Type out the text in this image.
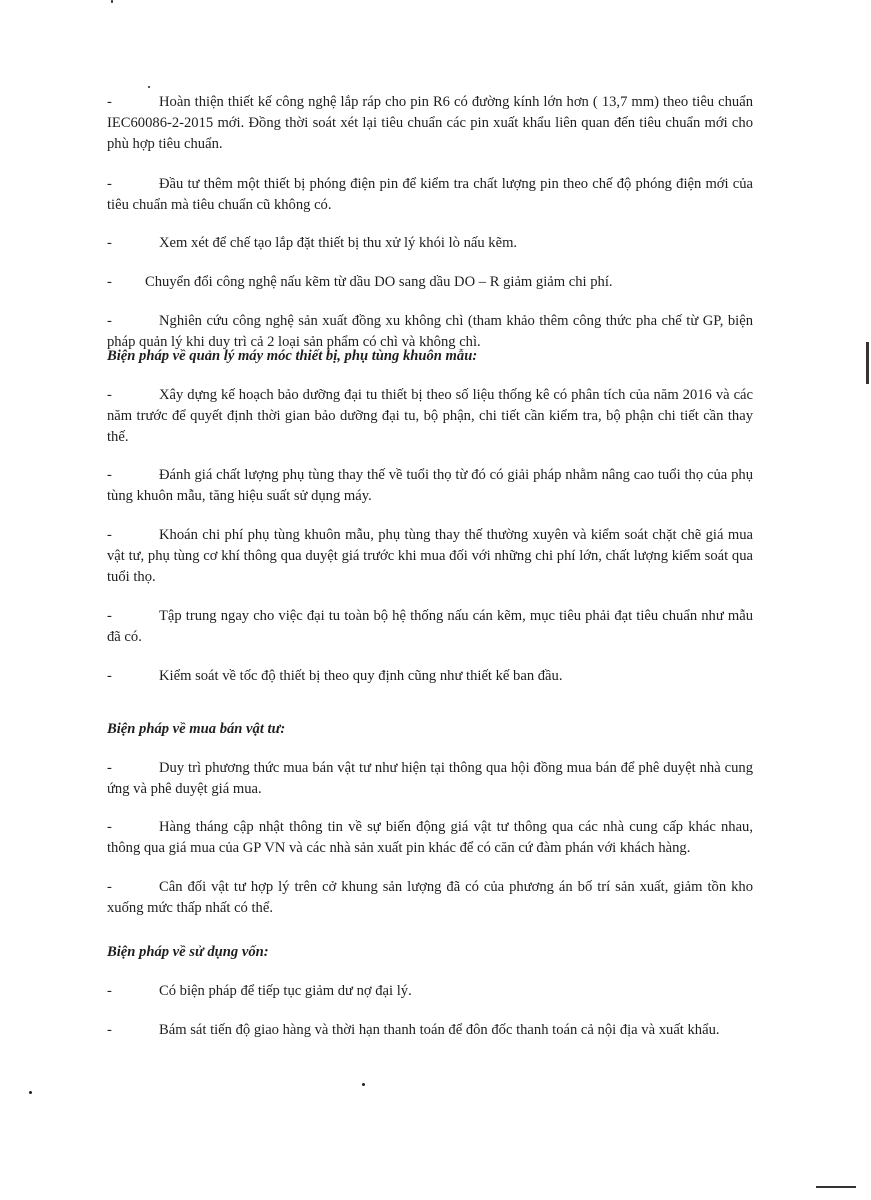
-	Hoàn thiện thiết kế công nghệ lắp ráp cho pin R6 có đường kính lớn hơn ( 13,7 mm) theo tiêu chuẩn IEC60086-2-2015 mới. Đồng thời soát xét lại tiêu chuẩn các pin xuất khẩu liên quan đến tiêu chuẩn mới cho phù hợp tiêu chuẩn.

-	Đầu tư thêm một thiết bị phóng điện pin để kiểm tra chất lượng pin theo chế độ phóng điện mới của tiêu chuẩn mà tiêu chuẩn cũ không có.

-	Xem xét để chế tạo lắp đặt thiết bị thu xử lý khói lò nấu kẽm.

- Chuyển đổi công nghệ nấu kẽm từ dầu DO sang dầu DO – R giảm giảm chi phí.

-	Nghiên cứu công nghệ sản xuất đồng xu không chì (tham khảo thêm công thức pha chế từ GP, biện pháp quản lý khi duy trì cả 2 loại sản phẩm có chì và không chì.

Biện pháp về quản lý máy móc thiết bị, phụ tùng khuôn mẫu:

-	Xây dựng kế hoạch bảo dưỡng đại tu thiết bị theo số liệu thống kê có phân tích của năm 2016 và các năm trước để quyết định thời gian bảo dưỡng đại tu, bộ phận, chi tiết cần kiểm tra, bộ phận chi tiết cần thay thế.

-	Đánh giá chất lượng phụ tùng thay thế về tuổi thọ từ đó có giải pháp nhằm nâng cao tuổi thọ của phụ tùng khuôn mẫu, tăng hiệu suất sử dụng máy.

-	Khoán chi phí phụ tùng khuôn mẫu, phụ tùng thay thế thường xuyên và kiểm soát chặt chẽ giá mua vật tư, phụ tùng cơ khí thông qua duyệt giá trước khi mua đối với những chi phí lớn, chất lượng kiểm soát qua tuổi thọ.

-	Tập trung ngay cho việc đại tu toàn bộ hệ thống nấu cán kẽm, mục tiêu phải đạt tiêu chuẩn như mẫu đã có.

-	Kiểm soát về tốc độ thiết bị theo quy định cũng như thiết kế ban đầu.

Biện pháp về mua bán vật tư:

-	Duy trì phương thức mua bán vật tư như hiện tại thông qua hội đồng mua bán để phê duyệt nhà cung ứng và phê duyệt giá mua.

-	Hàng tháng cập nhật thông tin về sự biến động giá vật tư thông qua các nhà cung cấp khác nhau, thông qua giá mua của GP VN và các nhà sản xuất pin khác để có căn cứ đàm phán với khách hàng.

-	Cân đối vật tư hợp lý trên cở khung sản lượng đã có của phương án bố trí sản xuất, giảm tồn kho xuống mức thấp nhất có thể.

Biện pháp về sử dụng vốn:

-	Có biện pháp để tiếp tục giảm dư nợ đại lý.

-	Bám sát tiến độ giao hàng và thời hạn thanh toán để đôn đốc thanh toán cả nội địa và xuất khẩu.
